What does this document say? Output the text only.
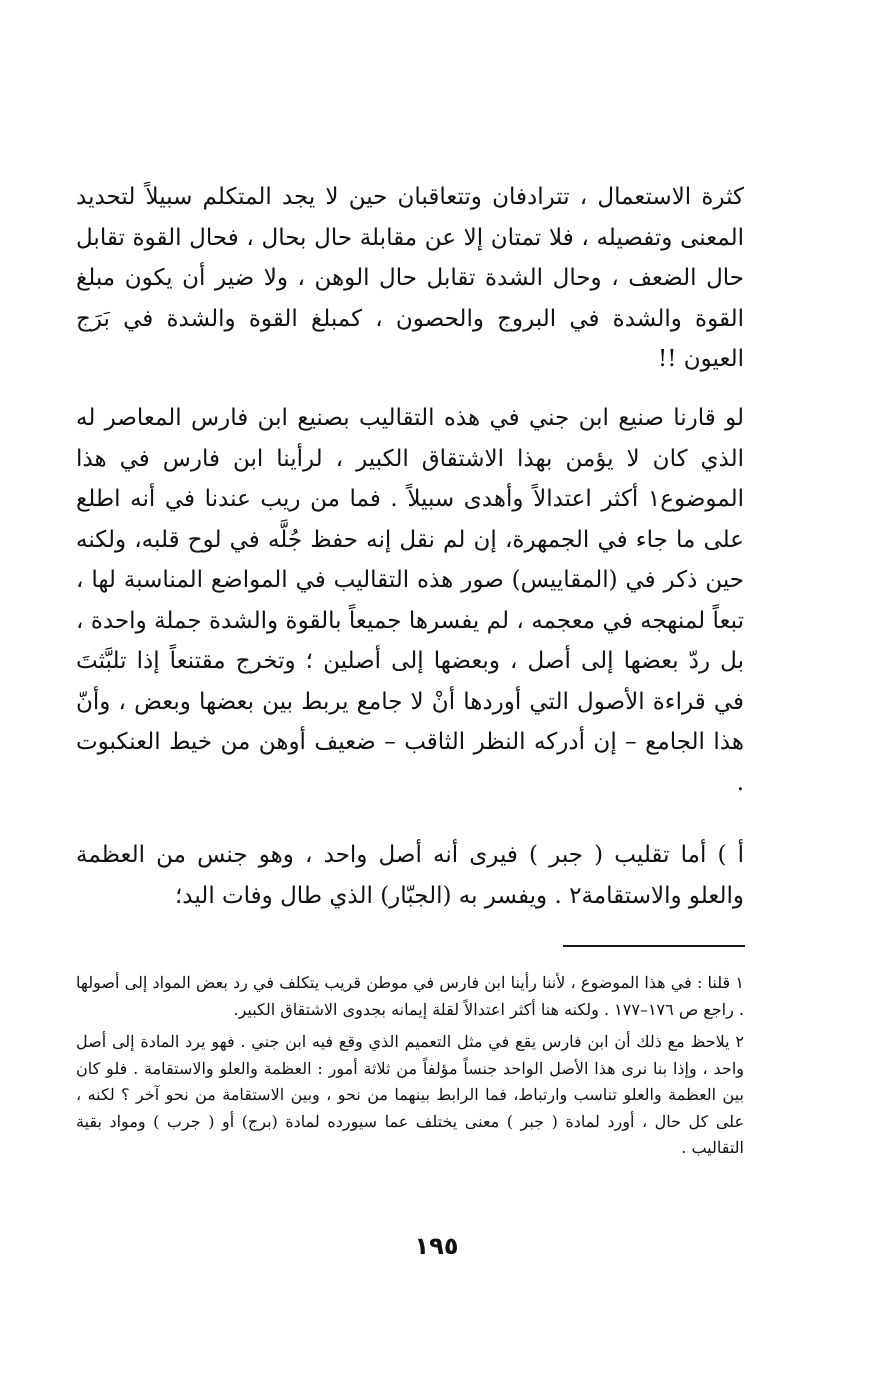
كثرة الاستعمال ، تترادفان وتتعاقبان حين لا يجد المتكلم سبيلاً لتحديد المعنى وتفصيله ، فلا تمتان إلا عن مقابلة حال بحال ، فحال القوة تقابل حال الضعف ، وحال الشدة تقابل حال الوهن ، ولا ضير أن يكون مبلغ القوة والشدة في البروج والحصون ، كمبلغ القوة والشدة في بَرَج العيون !!

لو قارنا صنيع ابن جني في هذه التقاليب بصنيع ابن فارس المعاصر له الذي كان لا يؤمن بهذا الاشتقاق الكبير ، لرأينا ابن فارس في هذا الموضوع١ أكثر اعتدالاً وأهدى سبيلاً . فما من ريب عندنا في أنه اطلع على ما جاء في الجمهرة، إن لم نقل إنه حفظ جُلَّه في لوح قلبه، ولكنه حين ذكر في (المقاييس) صور هذه التقاليب في المواضع المناسبة لها ، تبعاً لمنهجه في معجمه ، لم يفسرها جميعاً بالقوة والشدة جملة واحدة ، بل ردّ بعضها إلى أصل ، وبعضها إلى أصلين ؛ وتخرج مقتنعاً إذا تلبَّثتَ في قراءة الأصول التي أوردها أنْ لا جامع يربط بين بعضها وبعض ، وأنّ هذا الجامع – إن أدركه النظر الثاقب – ضعيف أوهن من خيط العنكبوت .

أ ) أما تقليب ( جبر ) فيرى أنه أصل واحد ، وهو جنس من العظمة والعلو والاستقامة٢ . ويفسر به (الجبّار) الذي طال وفات اليد؛

١ قلنا : في هذا الموضوع ، لأننا رأينا ابن فارس في موطن قريب يتكلف في رد بعض المواد إلى أصولها . راجع ص ١٧٦–١٧٧ . ولكنه هنا أكثر اعتدالاً لقلة إيمانه بجدوى الاشتقاق الكبير.

٢ يلاحظ مع ذلك أن ابن فارس يقع في مثل التعميم الذي وقع فيه ابن جني . فهو يرد المادة إلى أصل واحد ، وإذا بنا نرى هذا الأصل الواحد جنساً مؤلفاً من ثلاثة أمور : العظمة والعلو والاستقامة . فلو كان بين العظمة والعلو تناسب وارتباط، فما الرابط بينهما من نحو ، وبين الاستقامة من نحو آخر ؟ لكنه ، على كل حال ، أورد لمادة ( جبر ) معنى يختلف عما سيورده لمادة (برج) أو ( جرب ) ومواد بقية التقاليب .

١٩٥
